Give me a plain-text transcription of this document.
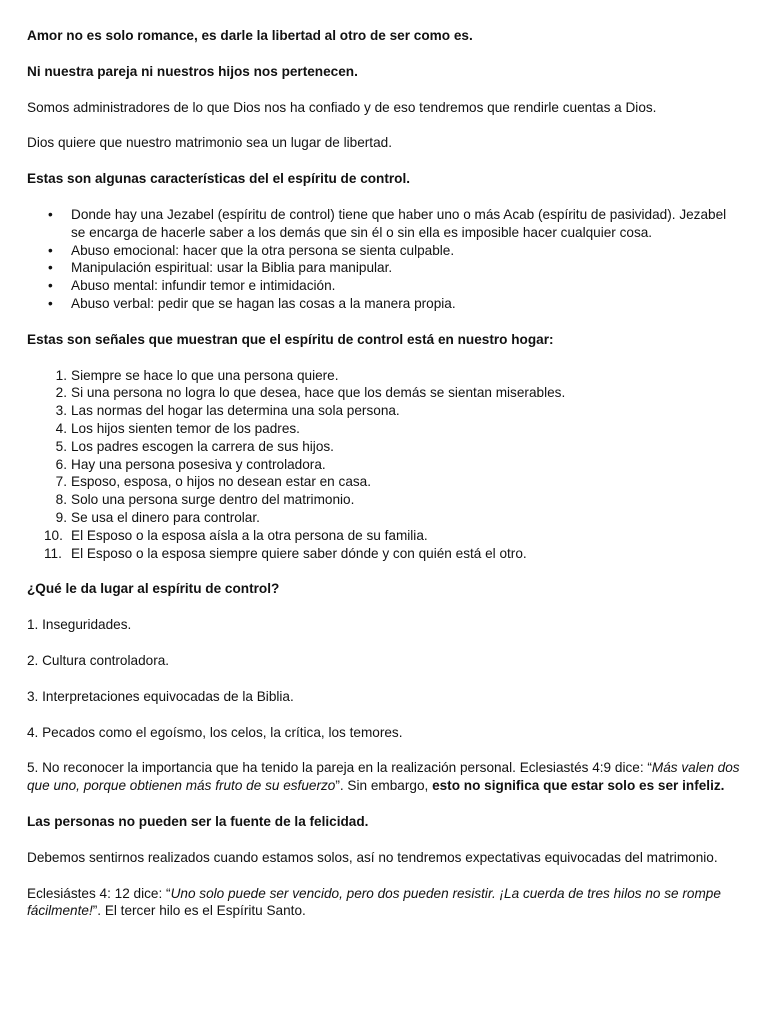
Amor no es solo romance, es darle la libertad al otro de ser como es.

Ni nuestra pareja ni nuestros hijos nos pertenecen.

Somos administradores de lo que Dios nos ha confiado y de eso tendremos que rendirle cuentas a Dios.

Dios quiere que nuestro matrimonio sea un lugar de libertad.

Estas son algunas características del el espíritu de control.

• Donde hay una Jezabel (espíritu de control) tiene que haber uno o más Acab (espíritu de pasividad). Jezabel se encarga de hacerle saber a los demás que sin él o sin ella es imposible hacer cualquier cosa.
• Abuso emocional: hacer que la otra persona se sienta culpable.
• Manipulación espiritual: usar la Biblia para manipular.
• Abuso mental: infundir temor e intimidación.
• Abuso verbal: pedir que se hagan las cosas a la manera propia.

Estas son señales que muestran que el espíritu de control está en nuestro hogar:

1. Siempre se hace lo que una persona quiere.
2. Si una persona no logra lo que desea, hace que los demás se sientan miserables.
3. Las normas del hogar las determina una sola persona.
4. Los hijos sienten temor de los padres.
5. Los padres escogen la carrera de sus hijos.
6. Hay una persona posesiva y controladora.
7. Esposo, esposa, o hijos no desean estar en casa.
8. Solo una persona surge dentro del matrimonio.
9. Se usa el dinero para controlar.
10. El Esposo o la esposa aísla a la otra persona de su familia.
11. El Esposo o la esposa siempre quiere saber dónde y con quién está el otro.

¿Qué le da lugar al espíritu de control?

1. Inseguridades.

2. Cultura controladora.

3. Interpretaciones equivocadas de la Biblia.

4. Pecados como el egoísmo, los celos, la crítica, los temores.

5. No reconocer la importancia que ha tenido la pareja en la realización personal. Eclesiastés 4:9 dice: “Más valen dos que uno, porque obtienen más fruto de su esfuerzo”. Sin embargo, esto no significa que estar solo es ser infeliz.

Las personas no pueden ser la fuente de la felicidad.

Debemos sentirnos realizados cuando estamos solos, así no tendremos expectativas equivocadas del matrimonio.

Eclesiástes 4: 12 dice: “Uno solo puede ser vencido, pero dos pueden resistir. ¡La cuerda de tres hilos no se rompe fácilmente!”. El tercer hilo es el Espíritu Santo.
